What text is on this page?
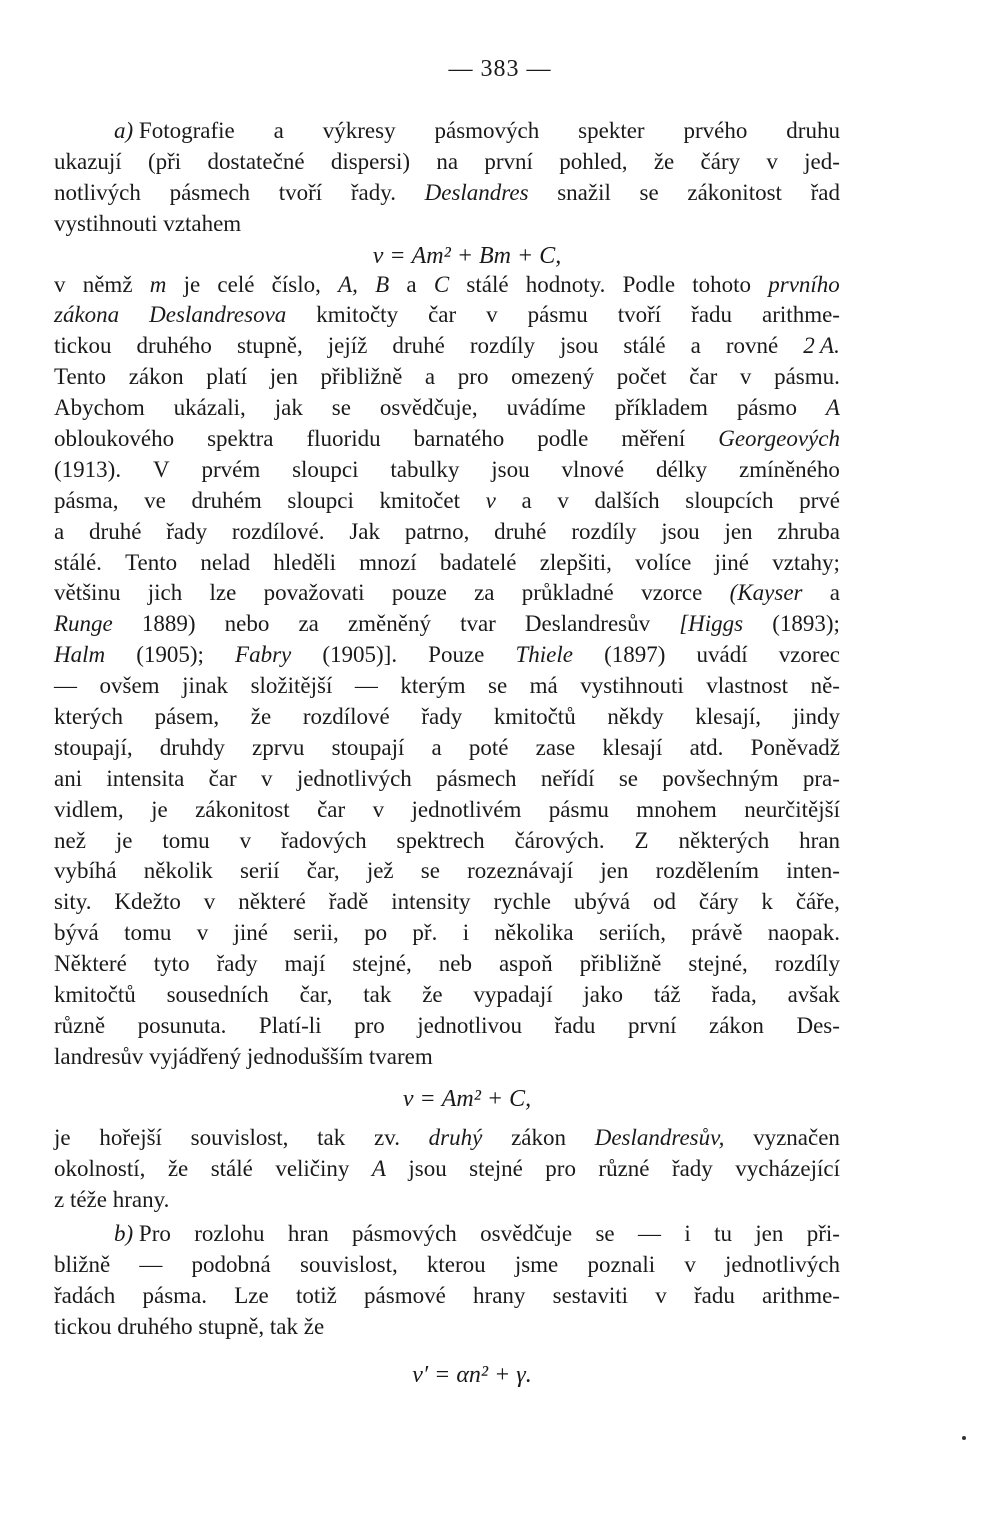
— 383 —
a) Fotografie a výkresy pásmových spekter prvého druhu
ukazují (při dostatečné dispersi) na první pohled, že čáry v jed-
notlivých pásmech tvoří řady. Deslandres snažil se zákonitost řad
vystihnouti vztahem
ν = Am² + Bm + C,
v němž m je celé číslo, A, B a C stálé hodnoty. Podle tohoto prvního
zákona Deslandresova kmitočty čar v pásmu tvoří řadu arithme-
tickou druhého stupně, jejíž druhé rozdíly jsou stálé a rovné 2 A.
Tento zákon platí jen přibližně a pro omezený počet čar v pásmu.
Abychom ukázali, jak se osvědčuje, uvádíme příkladem pásmo A
obloukového spektra fluoridu barnatého podle měření Georgeových
(1913). V prvém sloupci tabulky jsou vlnové délky zmíněného
pásma, ve druhém sloupci kmitočet ν a v dalších sloupcích prvé
a druhé řady rozdílové. Jak patrno, druhé rozdíly jsou jen zhruba
stálé. Tento nelad hleděli mnozí badatelé zlepšiti, volíce jiné vztahy;
většinu jich lze považovati pouze za průkladné vzorce (Kayser a
Runge 1889) nebo za změněný tvar Deslandresův [Higgs (1893);
Halm (1905); Fabry (1905)]. Pouze Thiele (1897) uvádí vzorec
— ovšem jinak složitější — kterým se má vystihnouti vlastnost ně-
kterých pásem, že rozdílové řady kmitočtů někdy klesají, jindy
stoupají, druhdy zprvu stoupají a poté zase klesají atd. Poněvadž
ani intensita čar v jednotlivých pásmech neřídí se povšechným pra-
vidlem, je zákonitost čar v jednotlivém pásmu mnohem neurčitější
než je tomu v řadových spektrech čárových. Z některých hran
vybíhá několik serií čar, jež se rozeznávají jen rozdělením inten-
sity. Kdežto v některé řadě intensity rychle ubývá od čáry k čáře,
bývá tomu v jiné serii, po př. i několika seriích, právě naopak.
Některé tyto řady mají stejné, neb aspoň přibližně stejné, rozdíly
kmitočtů sousedních čar, tak že vypadají jako táž řada, avšak
různě posunuta. Platí-li pro jednotlivou řadu první zákon Des-
landresův vyjádřený jednodušším tvarem
ν = Am² + C,
je hořejší souvislost, tak zv. druhý zákon Deslandresův, vyznačen
okolností, že stálé veličiny A jsou stejné pro různé řady vycházející
z téže hrany.
b) Pro rozlohu hran pásmových osvědčuje se — i tu jen při-
bližně — podobná souvislost, kterou jsme poznali v jednotlivých
řadách pásma. Lze totiž pásmové hrany sestaviti v řadu arithme-
tickou druhého stupně, tak že
ν′ = αn² + γ.
